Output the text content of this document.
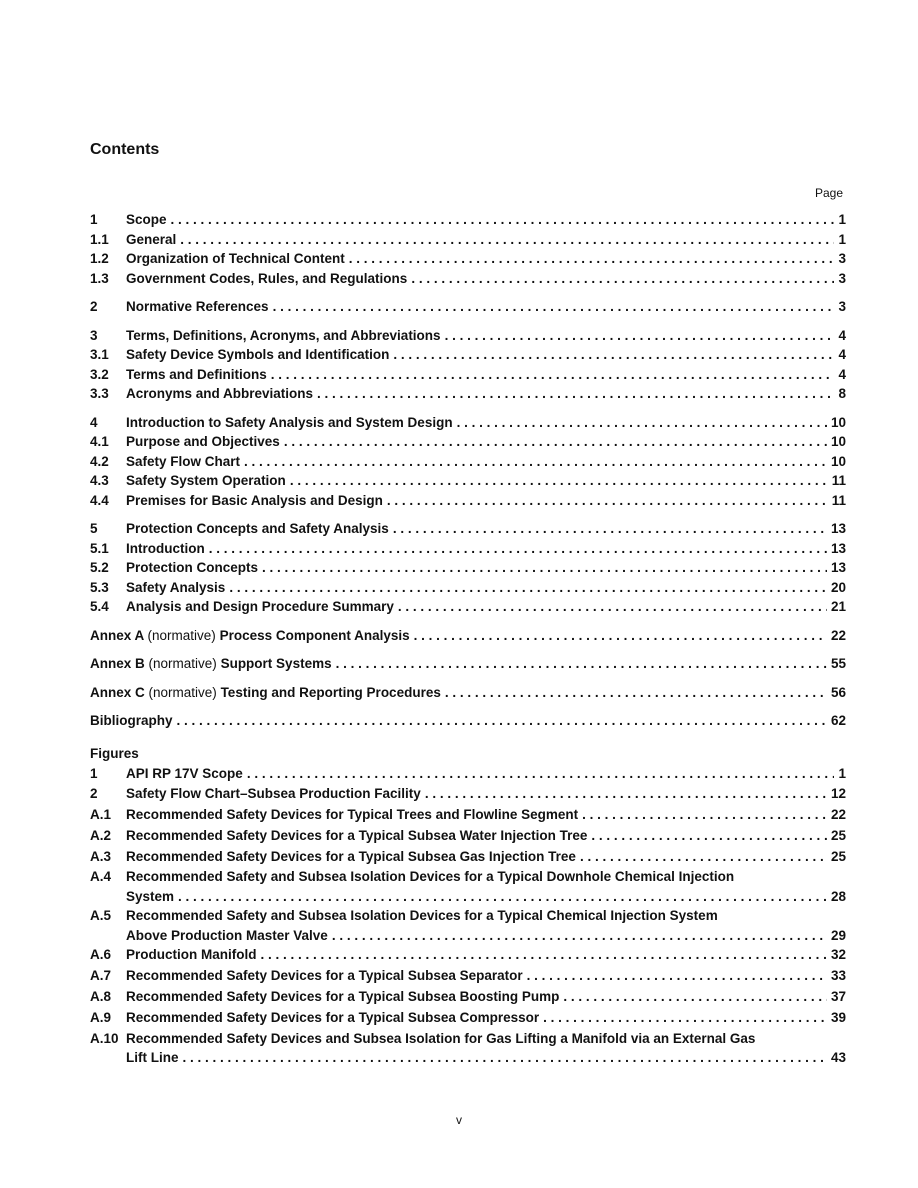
Contents
Page
1	Scope . . .	1
1.1	General . . .	1
1.2	Organization of Technical Content . . .	3
1.3	Government Codes, Rules, and Regulations . . .	3
2	Normative References . . .	3
3	Terms, Definitions, Acronyms, and Abbreviations . . .	4
3.1	Safety Device Symbols and Identification . . .	4
3.2	Terms and Definitions . . .	4
3.3	Acronyms and Abbreviations . . .	8
4	Introduction to Safety Analysis and System Design . . .	10
4.1	Purpose and Objectives . . .	10
4.2	Safety Flow Chart . . .	10
4.3	Safety System Operation . . .	11
4.4	Premises for Basic Analysis and Design . . .	11
5	Protection Concepts and Safety Analysis . . .	13
5.1	Introduction . . .	13
5.2	Protection Concepts . . .	13
5.3	Safety Analysis . . .	20
5.4	Analysis and Design Procedure Summary . . .	21
Annex A (normative) Process Component Analysis . . .	22
Annex B (normative) Support Systems . . .	55
Annex C (normative) Testing and Reporting Procedures . . .	56
Bibliography . . .	62
Figures
1	API RP 17V Scope . . .	1
2	Safety Flow Chart–Subsea Production Facility . . .	12
A.1	Recommended Safety Devices for Typical Trees and Flowline Segment . . .	22
A.2	Recommended Safety Devices for a Typical Subsea Water Injection Tree . . .	25
A.3	Recommended Safety Devices for a Typical Subsea Gas Injection Tree . . .	25
A.4	Recommended Safety and Subsea Isolation Devices for a Typical Downhole Chemical Injection
System . . .	28
A.5	Recommended Safety and Subsea Isolation Devices for a Typical Chemical Injection System
Above Production Master Valve . . .	29
A.6	Production Manifold . . .	32
A.7	Recommended Safety Devices for a Typical Subsea Separator . . .	33
A.8	Recommended Safety Devices for a Typical Subsea Boosting Pump . . .	37
A.9	Recommended Safety Devices for a Typical Subsea Compressor . . .	39
A.10 Recommended Safety Devices and Subsea Isolation for Gas Lifting a Manifold via an External Gas
Lift Line . . .	43
v
